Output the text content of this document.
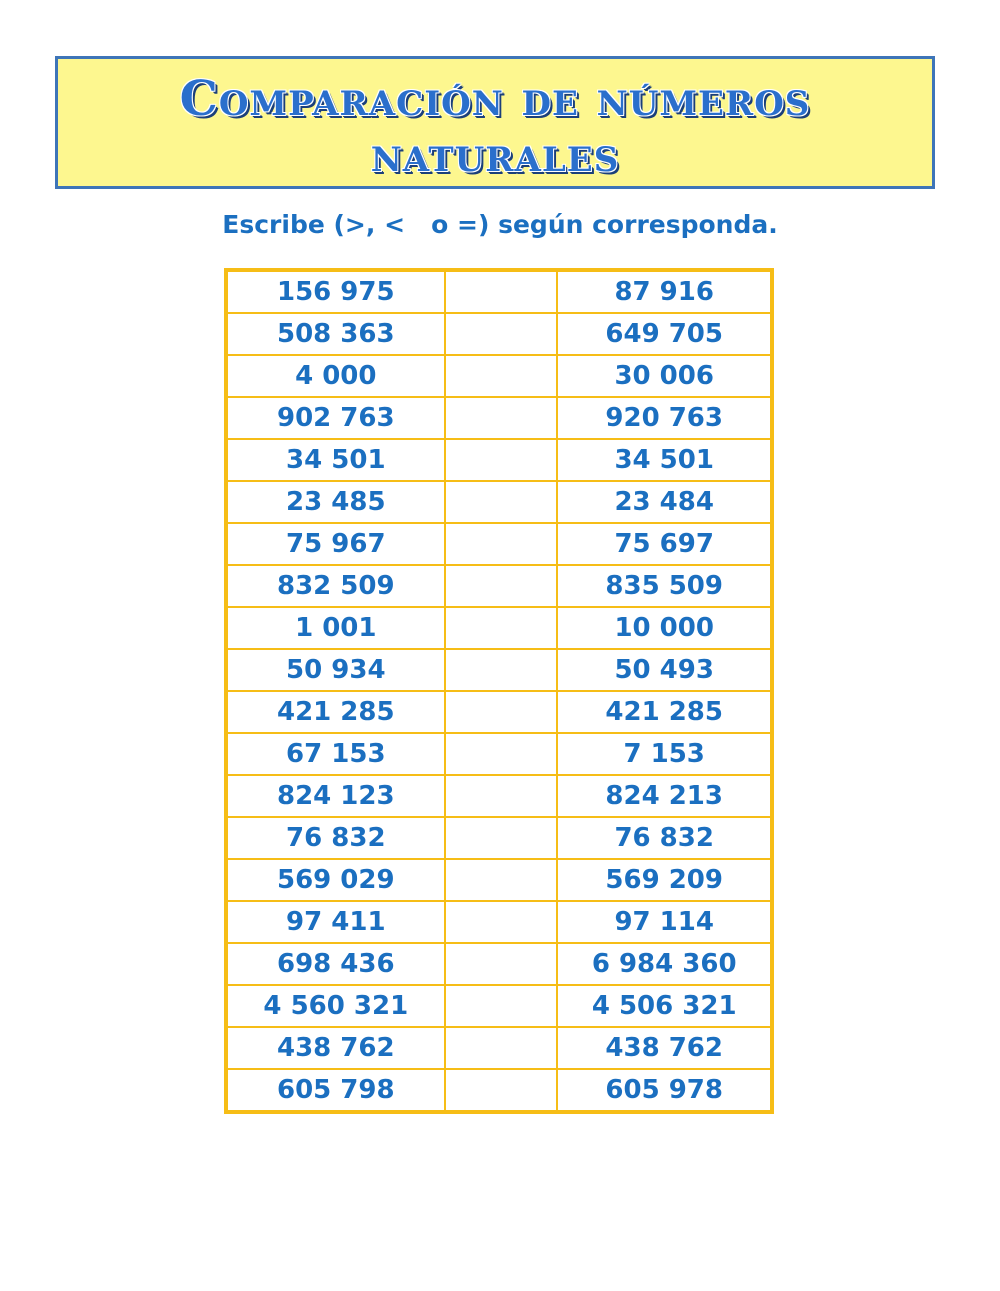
Comparación de números
naturales
Escribe (>, <   o =) según corresponda.
156 975		87 916
508 363		649 705
4 000		30 006
902 763		920 763
34 501		34 501
23 485		23 484
75 967		75 697
832 509		835 509
1 001		10 000
50 934		50 493
421 285		421 285
67 153		7 153
824 123		824 213
76 832		76 832
569 029		569 209
97 411		97 114
698 436		6 984 360
4 560 321		4 506 321
438 762		438 762
605 798		605 978
